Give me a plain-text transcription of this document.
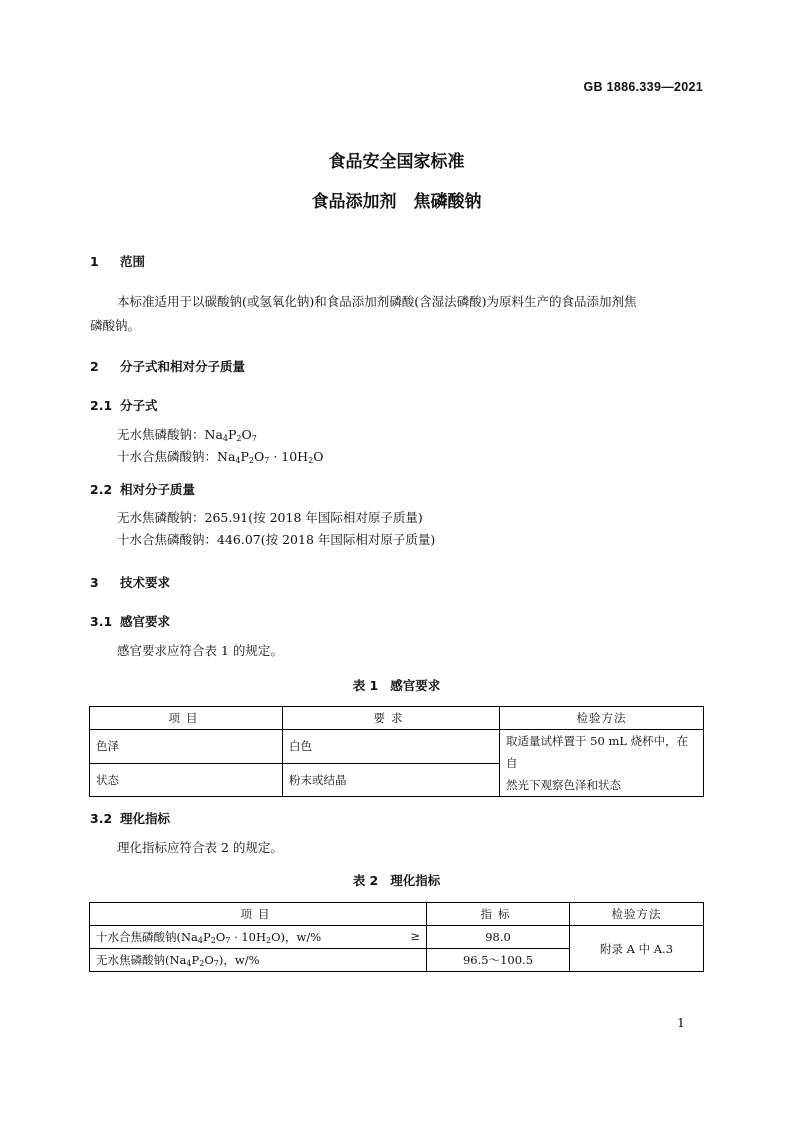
GB 1886.339—2021
食品安全国家标准
食品添加剂　焦磷酸钠
1 范围
本标准适用于以碳酸钠(或氢氧化钠)和食品添加剂磷酸(含湿法磷酸)为原料生产的食品添加剂焦
磷酸钠。
2 分子式和相对分子质量
2.1 分子式
无水焦磷酸钠：$Na_4P_2O_7$
十水合焦磷酸钠：$Na_4P_2O_7 \cdot 10H_2O$
2.2 相对分子质量
无水焦磷酸钠：265.91(按 2018 年国际相对原子质量)
十水合焦磷酸钠：446.07(按 2018 年国际相对原子质量)
3 技术要求
3.1 感官要求
感官要求应符合表 1 的规定。
表 1 感官要求
项目	要求	检验方法
色泽	白色	取适量试样置于 50 mL 烧杯中，在自
然光下观察色泽和状态

状态	粉末或结晶	
3.2 理化指标
理化指标应符合表 2 的规定。
表 2 理化指标
项目	指标	检验方法
十水合焦磷酸钠$(Na_4P_2O_7 \cdot 10H_2O)$，w/% ≥	98.0	附录 A 中 A.3
无水焦磷酸钠$(Na_4P_2O_7)$，w/%	96.5～100.5	
1
